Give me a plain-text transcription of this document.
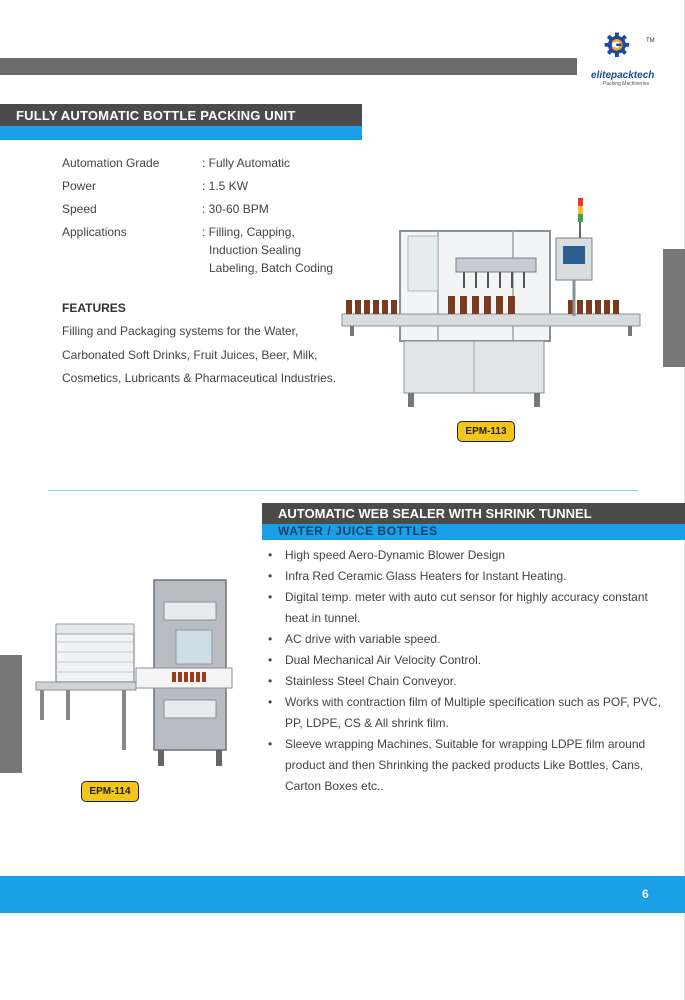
TM
elitepacktech
Packing Machineries
FULLY AUTOMATIC BOTTLE PACKING UNIT
Automation Grade	: Fully Automatic
Power	: 1.5 KW
Speed	: 30-60 BPM
Applications	: Filling, Capping,
Induction Sealing
Labeling, Batch Coding
FEATURES
Filling and Packaging systems for the Water, Carbonated Soft Drinks, Fruit Juices, Beer, Milk, Cosmetics, Lubricants & Pharmaceutical Industries.
EPM-113
AUTOMATIC WEB SEALER WITH SHRINK TUNNEL
WATER / JUICE BOTTLES
• High speed Aero-Dynamic Blower Design
• Infra Red Ceramic Glass Heaters for Instant Heating.
• Digital temp. meter with auto cut sensor for highly accuracy constant heat in tunnel.
• AC drive with variable speed.
• Dual Mechanical Air Velocity Control.
• Stainless Steel Chain Conveyor.
• Works with contraction film of Multiple specification such as POF, PVC, PP, LDPE, CS & All shrink film.
• Sleeve wrapping Machines, Suitable for wrapping LDPE film around product and then Shrinking the packed products Like Bottles, Cans, Carton Boxes etc..
EPM-114
6
